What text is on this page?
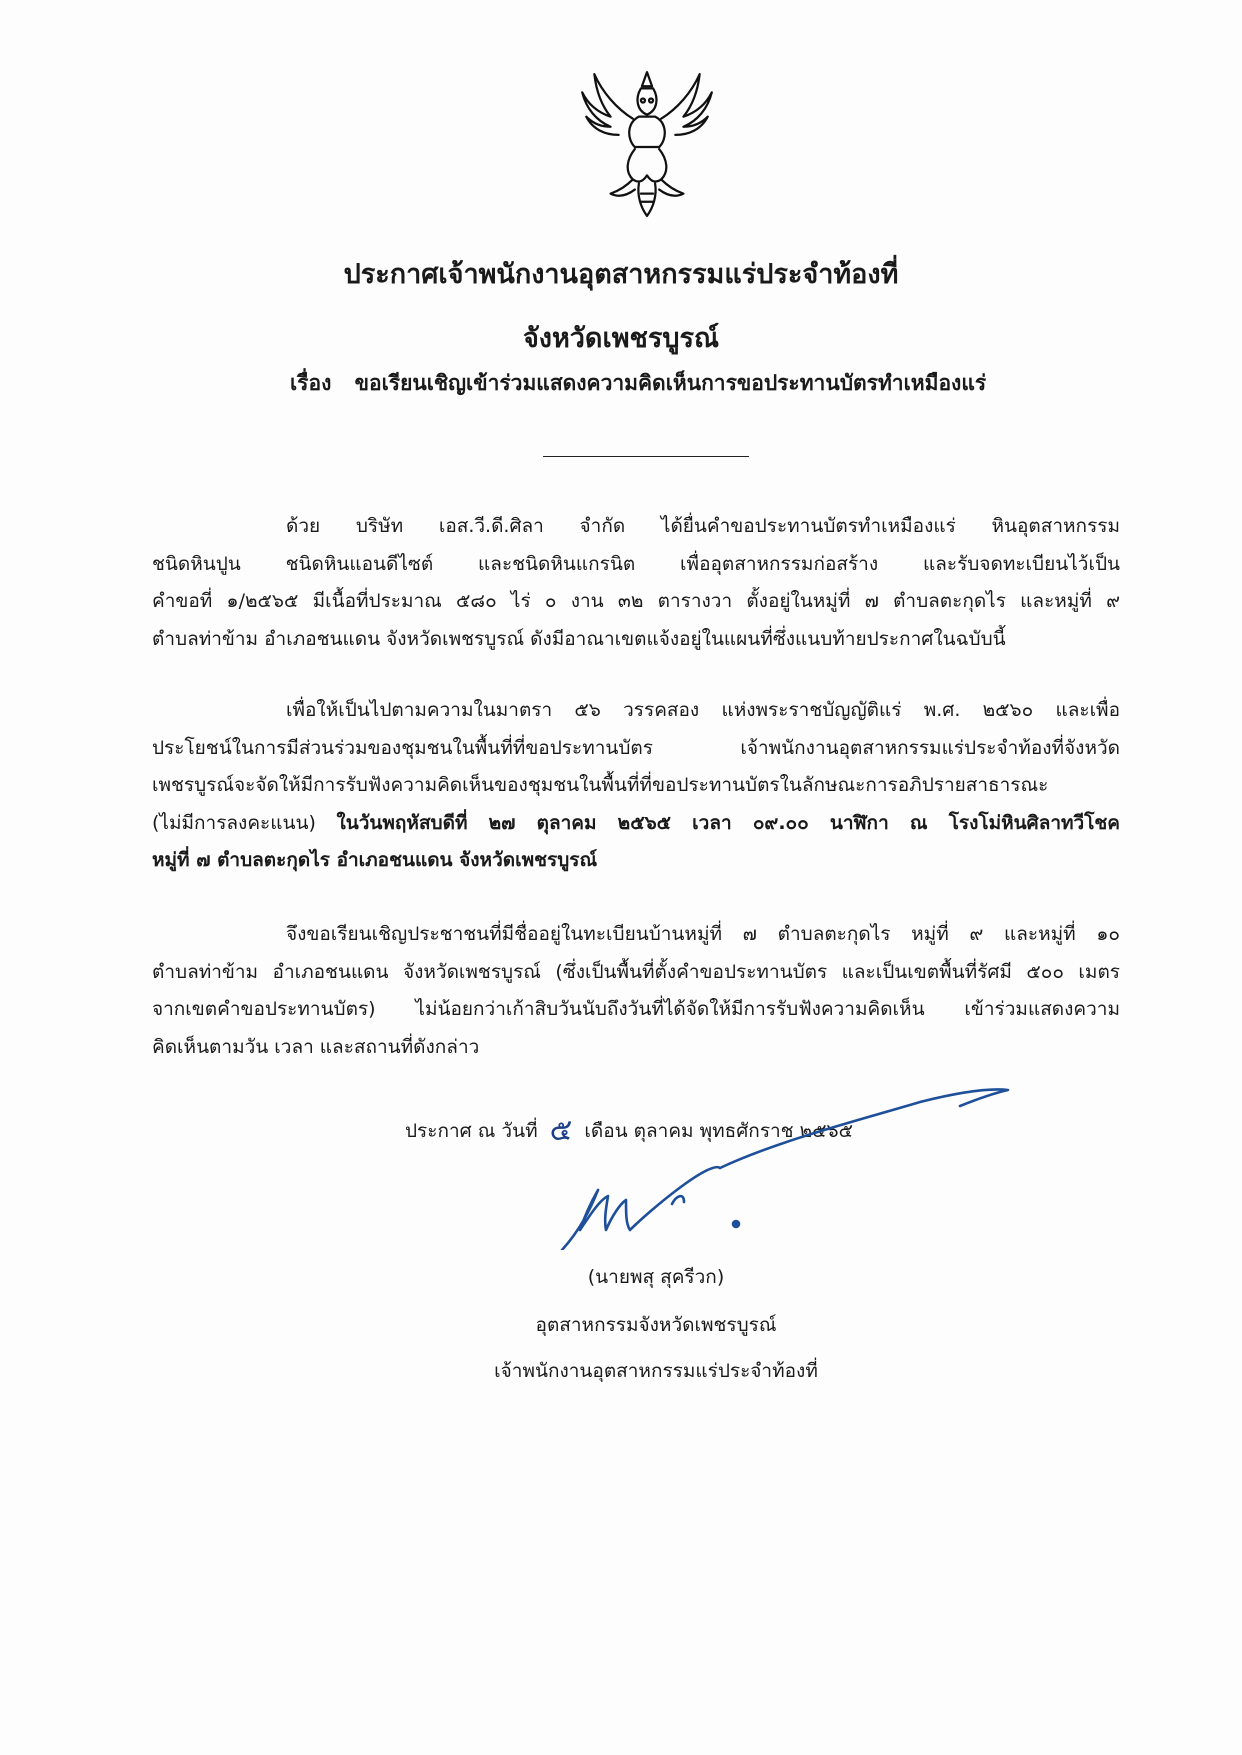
ประกาศเจ้าพนักงานอุตสาหกรรมแร่ประจำท้องที่
จังหวัดเพชรบูรณ์
เรื่อง ขอเรียนเชิญเข้าร่วมแสดงความคิดเห็นการขอประทานบัตรทำเหมืองแร่
ด้วย บริษัท เอส.วี.ดี.ศิลา จำกัด ได้ยื่นคำขอประทานบัตรทำเหมืองแร่ หินอุตสาหกรรม
ชนิดหินปูน ชนิดหินแอนดีไซต์ และชนิดหินแกรนิต เพื่ออุตสาหกรรมก่อสร้าง และรับจดทะเบียนไว้เป็น
คำขอที่ ๑/๒๕๖๕ มีเนื้อที่ประมาณ ๕๘๐ ไร่ ๐ งาน ๓๒ ตารางวา ตั้งอยู่ในหมู่ที่ ๗ ตำบลตะกุดไร และหมู่ที่ ๙
ตำบลท่าข้าม อำเภอชนแดน จังหวัดเพชรบูรณ์ ดังมีอาณาเขตแจ้งอยู่ในแผนที่ซึ่งแนบท้ายประกาศในฉบับนี้
เพื่อให้เป็นไปตามความในมาตรา ๕๖ วรรคสอง แห่งพระราชบัญญัติแร่ พ.ศ. ๒๕๖๐ และเพื่อ
ประโยชน์ในการมีส่วนร่วมของชุมชนในพื้นที่ที่ขอประทานบัตร เจ้าพนักงานอุตสาหกรรมแร่ประจำท้องที่จังหวัด
เพชรบูรณ์จะจัดให้มีการรับฟังความคิดเห็นของชุมชนในพื้นที่ที่ขอประทานบัตรในลักษณะการอภิปรายสาธารณะ
(ไม่มีการลงคะแนน) ในวันพฤหัสบดีที่ ๒๗ ตุลาคม ๒๕๖๕ เวลา ๐๙.๐๐ นาฬิกา ณ โรงโม่หินศิลาทวีโชค
หมู่ที่ ๗ ตำบลตะกุดไร อำเภอชนแดน จังหวัดเพชรบูรณ์
จึงขอเรียนเชิญประชาชนที่มีชื่ออยู่ในทะเบียนบ้านหมู่ที่ ๗ ตำบลตะกุดไร หมู่ที่ ๙ และหมู่ที่ ๑๐
ตำบลท่าข้าม อำเภอชนแดน จังหวัดเพชรบูรณ์ (ซึ่งเป็นพื้นที่ตั้งคำขอประทานบัตร และเป็นเขตพื้นที่รัศมี ๕๐๐ เมตร
จากเขตคำขอประทานบัตร) ไม่น้อยกว่าเก้าสิบวันนับถึงวันที่ได้จัดให้มีการรับฟังความคิดเห็น เข้าร่วมแสดงความ
คิดเห็นตามวัน เวลา และสถานที่ดังกล่าว
ประกาศ ณ วันที่ ๕ เดือน ตุลาคม พุทธศักราช ๒๕๖๕
(นายพสุ สุครีวก)
อุตสาหกรรมจังหวัดเพชรบูรณ์
เจ้าพนักงานอุตสาหกรรมแร่ประจำท้องที่
